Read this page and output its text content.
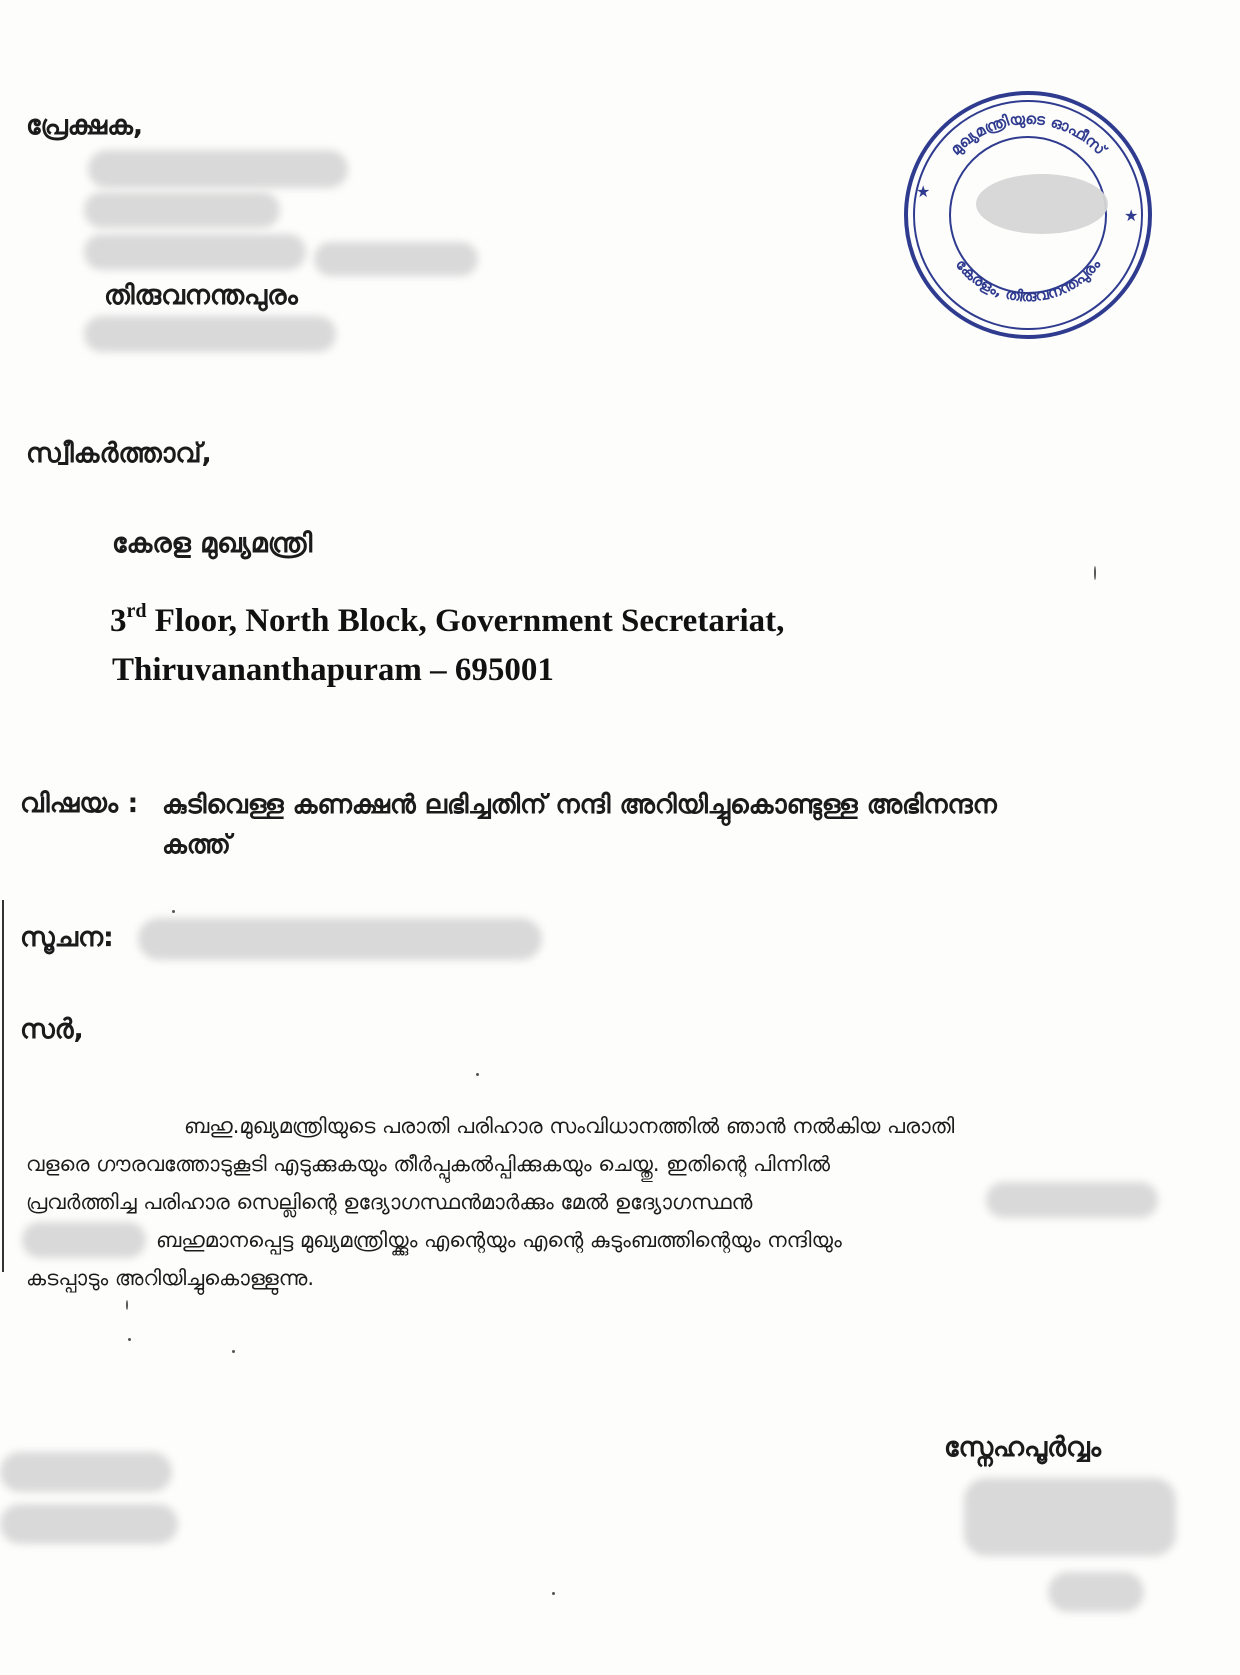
പ്രേക്ഷക,
തിരുവനന്തപുരം
മുഖ്യമന്ത്രിയുടെ ഓഫീസ്
കേരളം, തിരുവനന്തപുരം
★
★
സ്വീകർത്താവ്,
കേരള മുഖ്യമന്ത്രി
3rd Floor, North Block, Government Secretariat,
Thiruvananthapuram – 695001
വിഷയം : കുടിവെള്ള കണക്ഷൻ ലഭിച്ചതിന് നന്ദി അറിയിച്ചുകൊണ്ടുള്ള അഭിനന്ദന
കത്ത്
സൂചന:
സർ,
ബഹു.മുഖ്യമന്ത്രിയുടെ പരാതി പരിഹാര സംവിധാനത്തിൽ ഞാൻ നൽകിയ പരാതി
വളരെ ഗൗരവത്തോടുകൂടി എടുക്കുകയും തീർപ്പുകൽപ്പിക്കുകയും ചെയ്തു. ഇതിന്റെ പിന്നിൽ
പ്രവർത്തിച്ച പരിഹാര സെല്ലിന്റെ ഉദ്യോഗസ്ഥൻമാർക്കും മേൽ ഉദ്യോഗസ്ഥൻ
ബഹുമാനപ്പെട്ട മുഖ്യമന്ത്രിയ്ക്കും എന്റെയും എന്റെ കുടുംബത്തിന്റെയും നന്ദിയും
കടപ്പാടും അറിയിച്ചുകൊള്ളുന്നു.
സ്നേഹപൂർവ്വം
